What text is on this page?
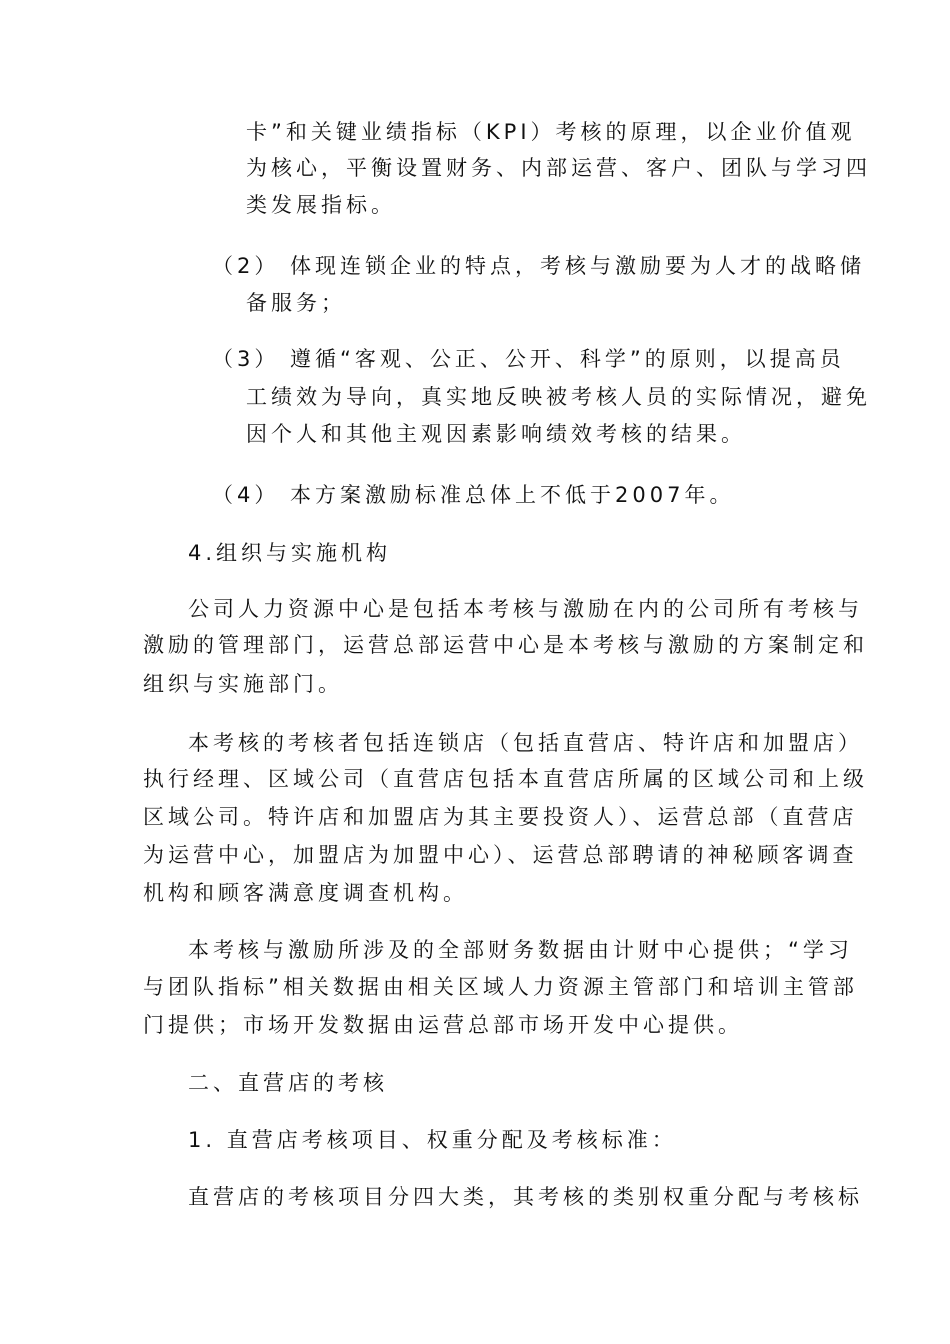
卡”和关键业绩指标（KPI）考核的原理，以企业价值观
为核心，平衡设置财务、内部运营、客户、团队与学习四
类发展指标。
（2） 体现连锁企业的特点，考核与激励要为人才的战略储
备服务；
（3） 遵循“客观、公正、公开、科学”的原则，以提高员
工绩效为导向，真实地反映被考核人员的实际情况，避免
因个人和其他主观因素影响绩效考核的结果。
（4） 本方案激励标准总体上不低于2007年。
4.组织与实施机构
公司人力资源中心是包括本考核与激励在内的公司所有考核与
激励的管理部门，运营总部运营中心是本考核与激励的方案制定和
组织与实施部门。
本考核的考核者包括连锁店（包括直营店、特许店和加盟店）
执行经理、区域公司（直营店包括本直营店所属的区域公司和上级
区域公司。特许店和加盟店为其主要投资人）、运营总部（直营店
为运营中心，加盟店为加盟中心）、运营总部聘请的神秘顾客调查
机构和顾客满意度调查机构。
本考核与激励所涉及的全部财务数据由计财中心提供；“学习
与团队指标”相关数据由相关区域人力资源主管部门和培训主管部
门提供；市场开发数据由运营总部市场开发中心提供。
二、直营店的考核
1. 直营店考核项目、权重分配及考核标准：
直营店的考核项目分四大类，其考核的类别权重分配与考核标
